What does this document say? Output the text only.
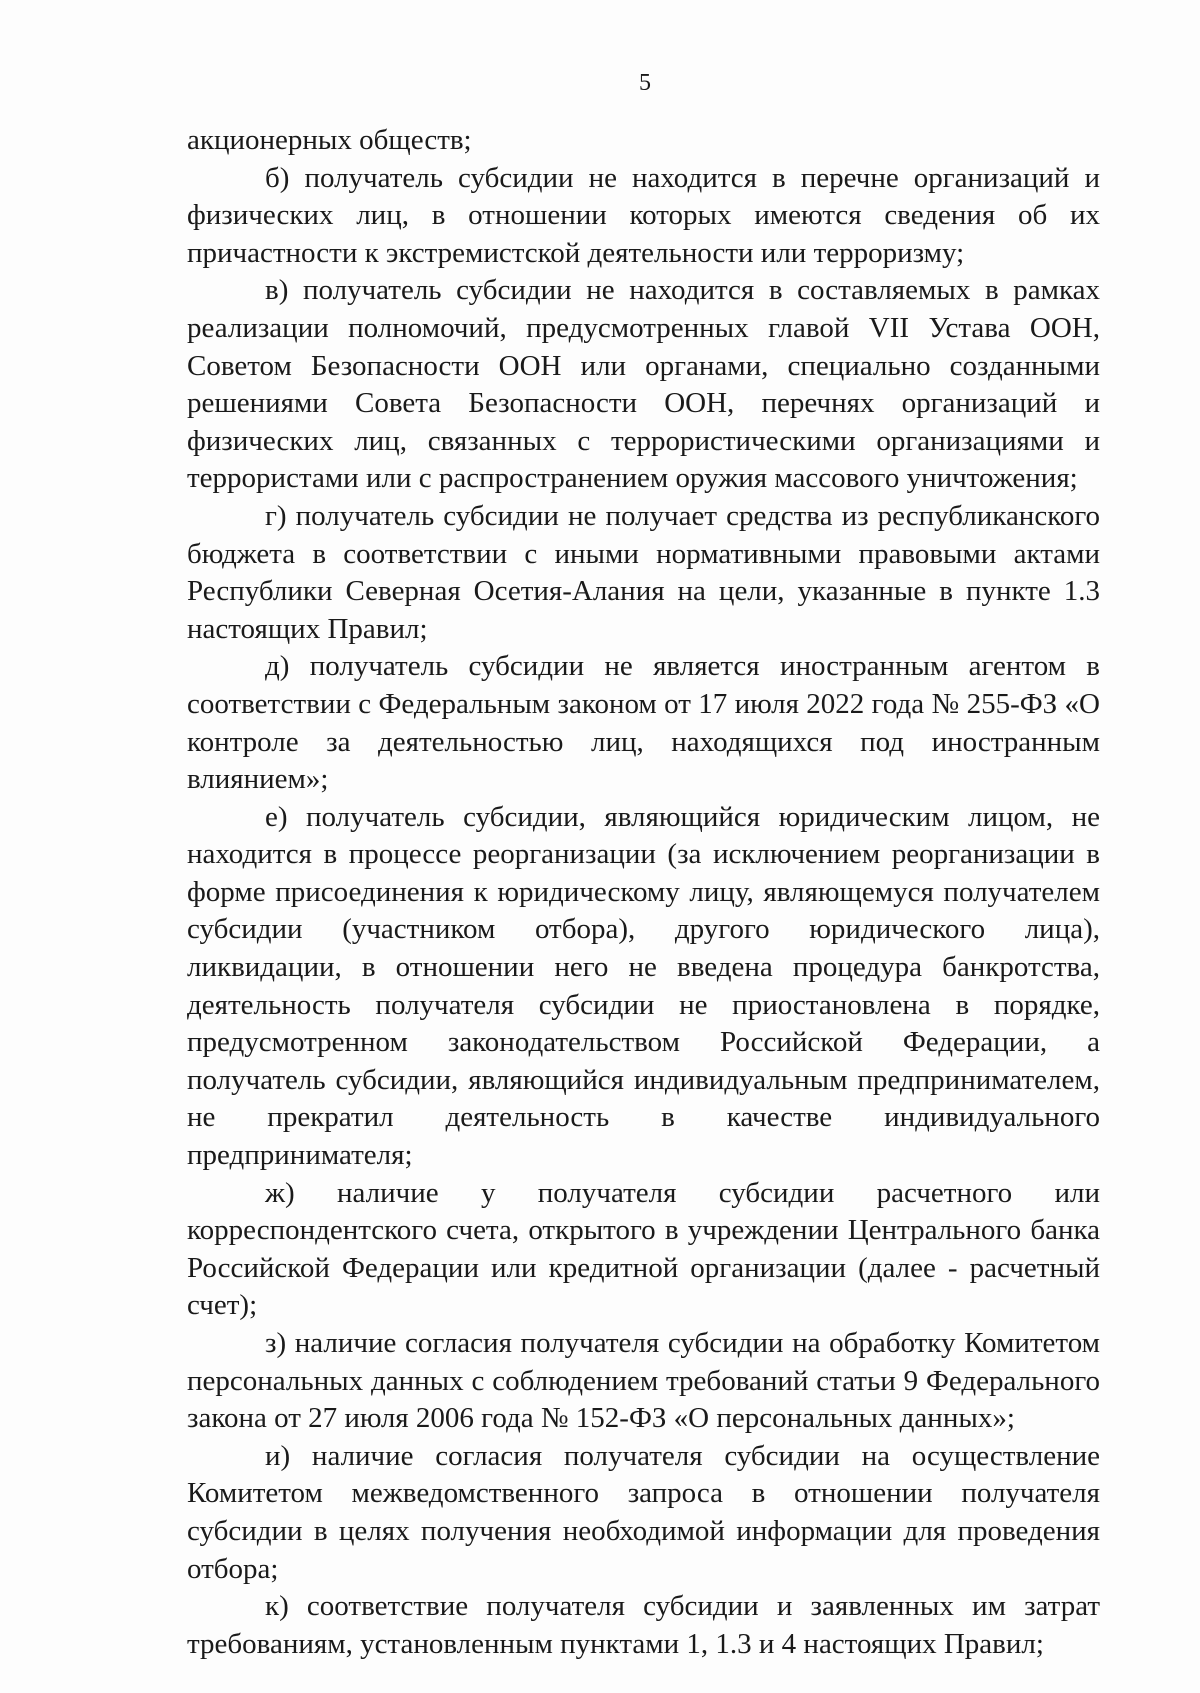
5

акционерных обществ;

б) получатель субсидии не находится в перечне организаций и физических лиц, в отношении которых имеются сведения об их причастности к экстремистской деятельности или терроризму;

в) получатель субсидии не находится в составляемых в рамках реализации полномочий, предусмотренных главой VII Устава ООН, Советом Безопасности ООН или органами, специально созданными решениями Совета Безопасности ООН, перечнях организаций и физических лиц, связанных с террористическими организациями и террористами или с распространением оружия массового уничтожения;

г) получатель субсидии не получает средства из республиканского бюджета в соответствии с иными нормативными правовыми актами Республики Северная Осетия-Алания на цели, указанные в пункте 1.3 настоящих Правил;

д) получатель субсидии не является иностранным агентом в соответствии с Федеральным законом от 17 июля 2022 года № 255-ФЗ «О контроле за деятельностью лиц, находящихся под иностранным влиянием»;

е) получатель субсидии, являющийся юридическим лицом, не находится в процессе реорганизации (за исключением реорганизации в форме присоединения к юридическому лицу, являющемуся получателем субсидии (участником отбора), другого юридического лица), ликвидации, в отношении него не введена процедура банкротства, деятельность получателя субсидии не приостановлена в порядке, предусмотренном законодательством Российской Федерации, а получатель субсидии, являющийся индивидуальным предпринимателем, не прекратил деятельность в качестве индивидуального предпринимателя;

ж) наличие у получателя субсидии расчетного или корреспондентского счета, открытого в учреждении Центрального банка Российской Федерации или кредитной организации (далее - расчетный счет);

з) наличие согласия получателя субсидии на обработку Комитетом персональных данных с соблюдением требований статьи 9 Федерального закона от 27 июля 2006 года № 152-ФЗ «О персональных данных»;

и) наличие согласия получателя субсидии на осуществление Комитетом межведомственного запроса в отношении получателя субсидии в целях получения необходимой информации для проведения отбора;

к) соответствие получателя субсидии и заявленных им затрат требованиям, установленным пунктами 1, 1.3 и 4 настоящих Правил;
